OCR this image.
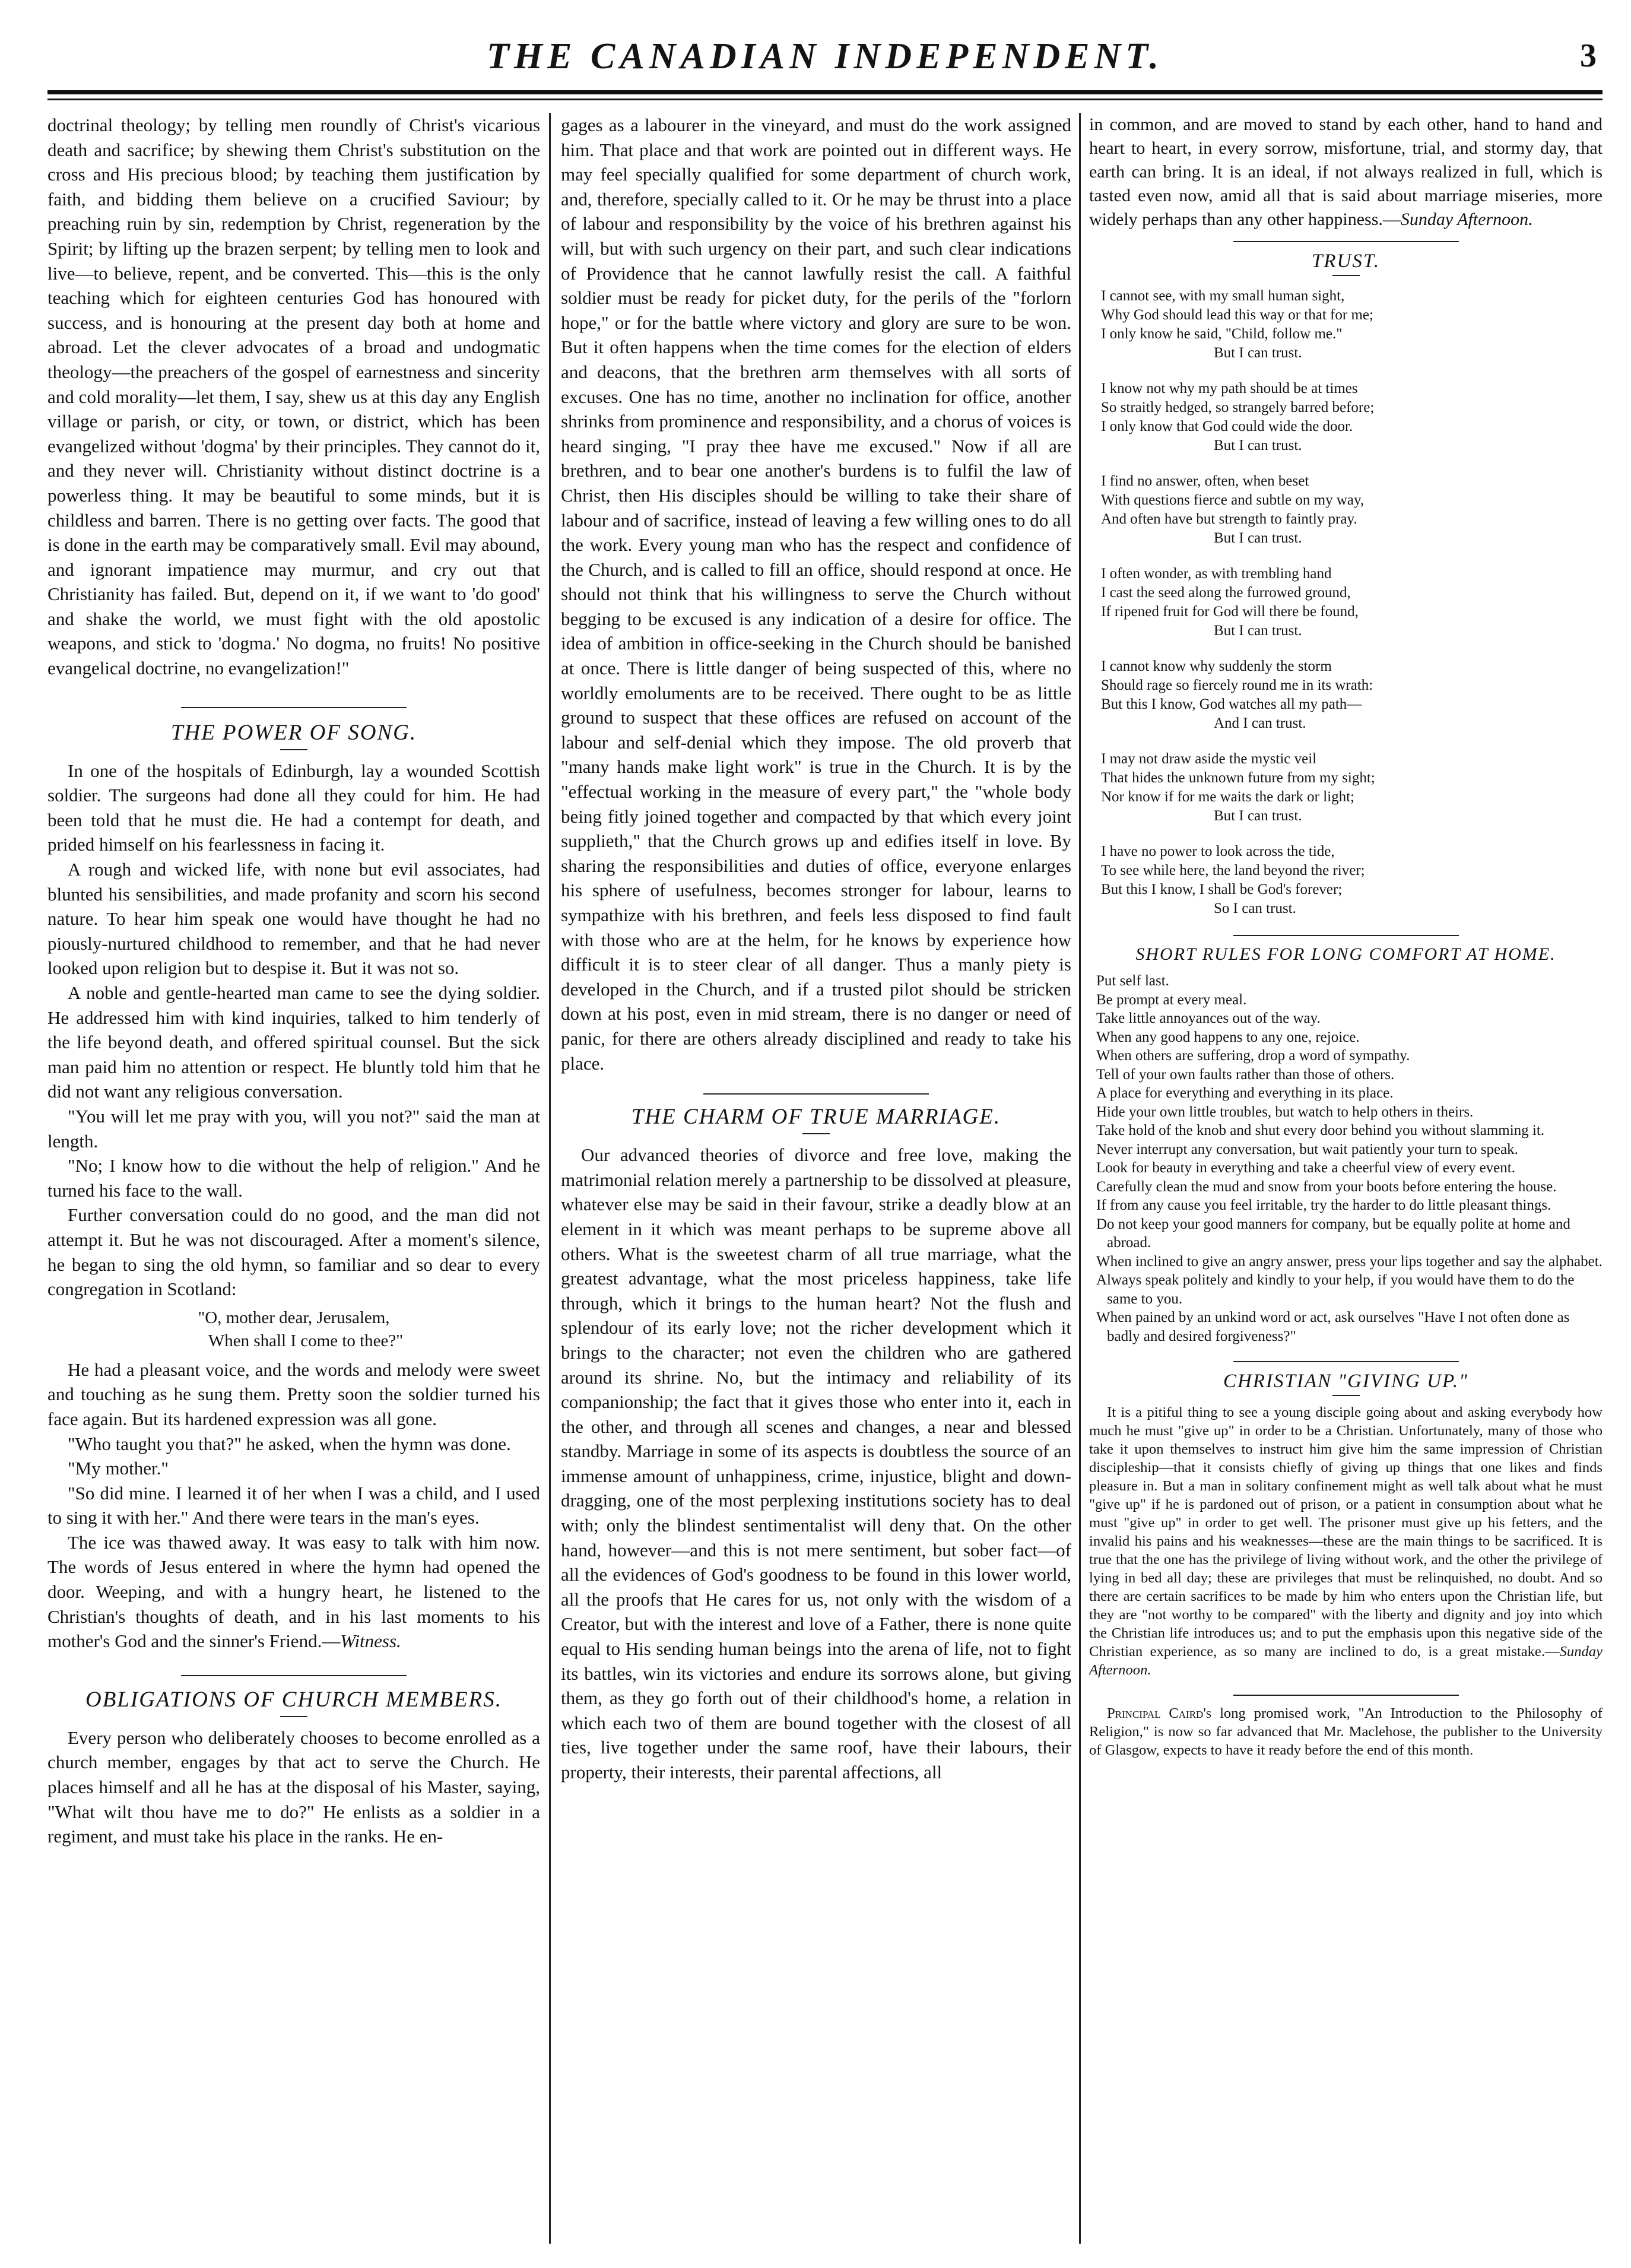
THE CANADIAN INDEPENDENT.	3

doctrinal theology; by telling men roundly of Christ's vicarious death and sacrifice; by shewing them Christ's substitution on the cross and His precious blood; by teaching them justification by faith, and bidding them believe on a crucified Saviour; by preaching ruin by sin, redemption by Christ, regeneration by the Spirit; by lifting up the brazen serpent; by telling men to look and live—to believe, repent, and be converted. This—this is the only teaching which for eighteen centuries God has honoured with success, and is honouring at the present day both at home and abroad. Let the clever advocates of a broad and undogmatic theology—the preachers of the gospel of earnestness and sincerity and cold morality—let them, I say, shew us at this day any English village or parish, or city, or town, or district, which has been evangelized without 'dogma' by their principles. They cannot do it, and they never will. Christianity without distinct doctrine is a powerless thing. It may be beautiful to some minds, but it is childless and barren. There is no getting over facts. The good that is done in the earth may be comparatively small. Evil may abound, and ignorant impatience may murmur, and cry out that Christianity has failed. But, depend on it, if we want to 'do good' and shake the world, we must fight with the old apostolic weapons, and stick to 'dogma.' No dogma, no fruits! No positive evangelical doctrine, no evangelization!"

THE POWER OF SONG.

In one of the hospitals of Edinburgh, lay a wounded Scottish soldier. The surgeons had done all they could for him. He had been told that he must die. He had a contempt for death, and prided himself on his fearlessness in facing it.

A rough and wicked life, with none but evil associates, had blunted his sensibilities, and made profanity and scorn his second nature. To hear him speak one would have thought he had no piously-nurtured childhood to remember, and that he had never looked upon religion but to despise it. But it was not so.

A noble and gentle-hearted man came to see the dying soldier. He addressed him with kind inquiries, talked to him tenderly of the life beyond death, and offered spiritual counsel. But the sick man paid him no attention or respect. He bluntly told him that he did not want any religious conversation.

"You will let me pray with you, will you not?" said the man at length.

"No; I know how to die without the help of religion." And he turned his face to the wall.

Further conversation could do no good, and the man did not attempt it. But he was not discouraged. After a moment's silence, he began to sing the old hymn, so familiar and so dear to every congregation in Scotland:

"O, mother dear, Jerusalem,
When shall I come to thee?"

He had a pleasant voice, and the words and melody were sweet and touching as he sung them. Pretty soon the soldier turned his face again. But its hardened expression was all gone.

"Who taught you that?" he asked, when the hymn was done.

"My mother."

"So did mine. I learned it of her when I was a child, and I used to sing it with her." And there were tears in the man's eyes.

The ice was thawed away. It was easy to talk with him now. The words of Jesus entered in where the hymn had opened the door. Weeping, and with a hungry heart, he listened to the Christian's thoughts of death, and in his last moments to his mother's God and the sinner's Friend.—Witness.

OBLIGATIONS OF CHURCH MEMBERS.

Every person who deliberately chooses to become enrolled as a church member, engages by that act to serve the Church. He places himself and all he has at the disposal of his Master, saying, "What wilt thou have me to do?" He enlists as a soldier in a regiment, and must take his place in the ranks. He en-

gages as a labourer in the vineyard, and must do the work assigned him. That place and that work are pointed out in different ways. He may feel specially qualified for some department of church work, and, therefore, specially called to it. Or he may be thrust into a place of labour and responsibility by the voice of his brethren against his will, but with such urgency on their part, and such clear indications of Providence that he cannot lawfully resist the call. A faithful soldier must be ready for picket duty, for the perils of the "forlorn hope," or for the battle where victory and glory are sure to be won. But it often happens when the time comes for the election of elders and deacons, that the brethren arm themselves with all sorts of excuses. One has no time, another no inclination for office, another shrinks from prominence and responsibility, and a chorus of voices is heard singing, "I pray thee have me excused." Now if all are brethren, and to bear one another's burdens is to fulfil the law of Christ, then His disciples should be willing to take their share of labour and of sacrifice, instead of leaving a few willing ones to do all the work. Every young man who has the respect and confidence of the Church, and is called to fill an office, should respond at once. He should not think that his willingness to serve the Church without begging to be excused is any indication of a desire for office. The idea of ambition in office-seeking in the Church should be banished at once. There is little danger of being suspected of this, where no worldly emoluments are to be received. There ought to be as little ground to suspect that these offices are refused on account of the labour and self-denial which they impose. The old proverb that "many hands make light work" is true in the Church. It is by the "effectual working in the measure of every part," the "whole body being fitly joined together and compacted by that which every joint supplieth," that the Church grows up and edifies itself in love. By sharing the responsibilities and duties of office, everyone enlarges his sphere of usefulness, becomes stronger for labour, learns to sympathize with his brethren, and feels less disposed to find fault with those who are at the helm, for he knows by experience how difficult it is to steer clear of all danger. Thus a manly piety is developed in the Church, and if a trusted pilot should be stricken down at his post, even in mid stream, there is no danger or need of panic, for there are others already disciplined and ready to take his place.

THE CHARM OF TRUE MARRIAGE.

Our advanced theories of divorce and free love, making the matrimonial relation merely a partnership to be dissolved at pleasure, whatever else may be said in their favour, strike a deadly blow at an element in it which was meant perhaps to be supreme above all others. What is the sweetest charm of all true marriage, what the greatest advantage, what the most priceless happiness, take life through, which it brings to the human heart? Not the flush and splendour of its early love; not the richer development which it brings to the character; not even the children who are gathered around its shrine. No, but the intimacy and reliability of its companionship; the fact that it gives those who enter into it, each in the other, and through all scenes and changes, a near and blessed standby. Marriage in some of its aspects is doubtless the source of an immense amount of unhappiness, crime, injustice, blight and down-dragging, one of the most perplexing institutions society has to deal with; only the blindest sentimentalist will deny that. On the other hand, however—and this is not mere sentiment, but sober fact—of all the evidences of God's goodness to be found in this lower world, all the proofs that He cares for us, not only with the wisdom of a Creator, but with the interest and love of a Father, there is none quite equal to His sending human beings into the arena of life, not to fight its battles, win its victories and endure its sorrows alone, but giving them, as they go forth out of their childhood's home, a relation in which each two of them are bound together with the closest of all ties, live together under the same roof, have their labours, their property, their interests, their parental affections, all

in common, and are moved to stand by each other, hand to hand and heart to heart, in every sorrow, misfortune, trial, and stormy day, that earth can bring. It is an ideal, if not always realized in full, which is tasted even now, amid all that is said about marriage miseries, more widely perhaps than any other happiness.—Sunday Afternoon.

TRUST.
I cannot see, with my small human sight,
Why God should lead this way or that for me;
I only know he said, "Child, follow me."
But I can trust.
I know not why my path should be at times
So straitly hedged, so strangely barred before;
I only know that God could wide the door.
But I can trust.
I find no answer, often, when beset
With questions fierce and subtle on my way,
And often have but strength to faintly pray.
But I can trust.
I often wonder, as with trembling hand
I cast the seed along the furrowed ground,
If ripened fruit for God will there be found,
But I can trust.
I cannot know why suddenly the storm
Should rage so fiercely round me in its wrath:
But this I know, God watches all my path—
And I can trust.
I may not draw aside the mystic veil
That hides the unknown future from my sight;
Nor know if for me waits the dark or light;
But I can trust.
I have no power to look across the tide,
To see while here, the land beyond the river;
But this I know, I shall be God's forever;
So I can trust.
SHORT RULES FOR LONG COMFORT AT HOME.

Put self last.

Be prompt at every meal.

Take little annoyances out of the way.

When any good happens to any one, rejoice.

When others are suffering, drop a word of sympathy.

Tell of your own faults rather than those of others.

A place for everything and everything in its place.

Hide your own little troubles, but watch to help others in theirs.

Take hold of the knob and shut every door behind you without slamming it.

Never interrupt any conversation, but wait patiently your turn to speak.

Look for beauty in everything and take a cheerful view of every event.

Carefully clean the mud and snow from your boots before entering the house.

If from any cause you feel irritable, try the harder to do little pleasant things.

Do not keep your good manners for company, but be equally polite at home and abroad.

When inclined to give an angry answer, press your lips together and say the alphabet.

Always speak politely and kindly to your help, if you would have them to do the same to you.

When pained by an unkind word or act, ask ourselves "Have I not often done as badly and desired forgiveness?"

CHRISTIAN "GIVING UP."

It is a pitiful thing to see a young disciple going about and asking everybody how much he must "give up" in order to be a Christian. Unfortunately, many of those who take it upon themselves to instruct him give him the same impression of Christian discipleship—that it consists chiefly of giving up things that one likes and finds pleasure in. But a man in solitary confinement might as well talk about what he must "give up" if he is pardoned out of prison, or a patient in consumption about what he must "give up" in order to get well. The prisoner must give up his fetters, and the invalid his pains and his weaknesses—these are the main things to be sacrificed. It is true that the one has the privilege of living without work, and the other the privilege of lying in bed all day; these are privileges that must be relinquished, no doubt. And so there are certain sacrifices to be made by him who enters upon the Christian life, but they are "not worthy to be compared" with the liberty and dignity and joy into which the Christian life introduces us; and to put the emphasis upon this negative side of the Christian experience, as so many are inclined to do, is a great mistake.—Sunday Afternoon.

Principal Caird's long promised work, "An Introduction to the Philosophy of Religion," is now so far advanced that Mr. Maclehose, the publisher to the University of Glasgow, expects to have it ready before the end of this month.
